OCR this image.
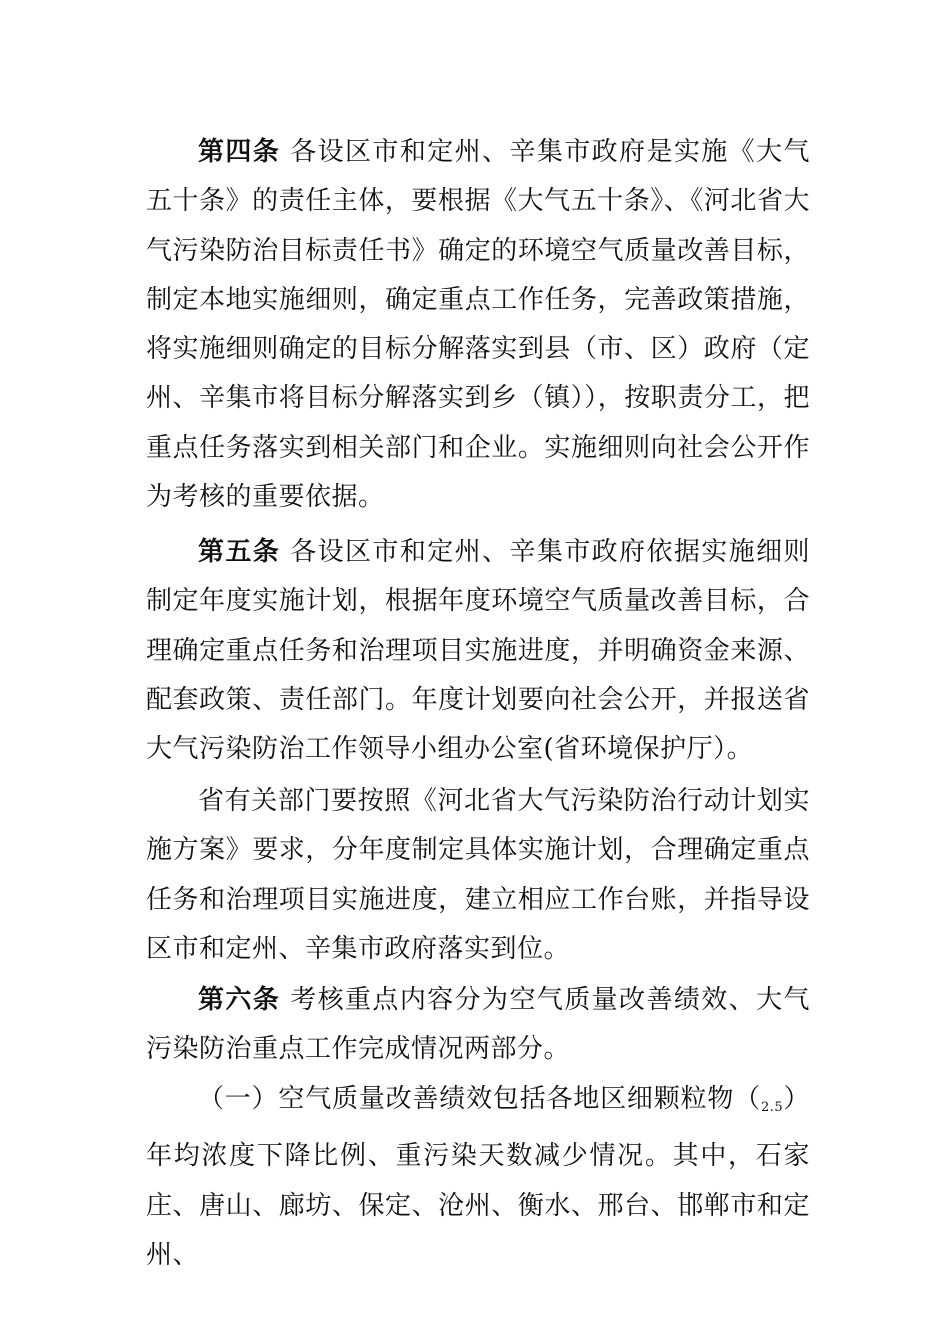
第四条 各设区市和定州、辛集市政府是实施《大气五十条》的责任主体，要根据《大气五十条》、《河北省大气污染防治目标责任书》确定的环境空气质量改善目标，制定本地实施细则，确定重点工作任务，完善政策措施，将实施细则确定的目标分解落实到县（市、区）政府（定州、辛集市将目标分解落实到乡（镇）），按职责分工，把重点任务落实到相关部门和企业。实施细则向社会公开作为考核的重要依据。

第五条 各设区市和定州、辛集市政府依据实施细则制定年度实施计划，根据年度环境空气质量改善目标，合理确定重点任务和治理项目实施进度，并明确资金来源、配套政策、责任部门。年度计划要向社会公开，并报送省大气污染防治工作领导小组办公室(省环境保护厅）。

省有关部门要按照《河北省大气污染防治行动计划实施方案》要求，分年度制定具体实施计划，合理确定重点任务和治理项目实施进度，建立相应工作台账，并指导设区市和定州、辛集市政府落实到位。

第六条 考核重点内容分为空气质量改善绩效、大气污染防治重点工作完成情况两部分。

（一）空气质量改善绩效包括各地区细颗粒物$(_{2.5})$年均浓度下降比例、重污染天数减少情况。其中，石家庄、唐山、廊坊、保定、沧州、衡水、邢台、邯郸市和定州、
